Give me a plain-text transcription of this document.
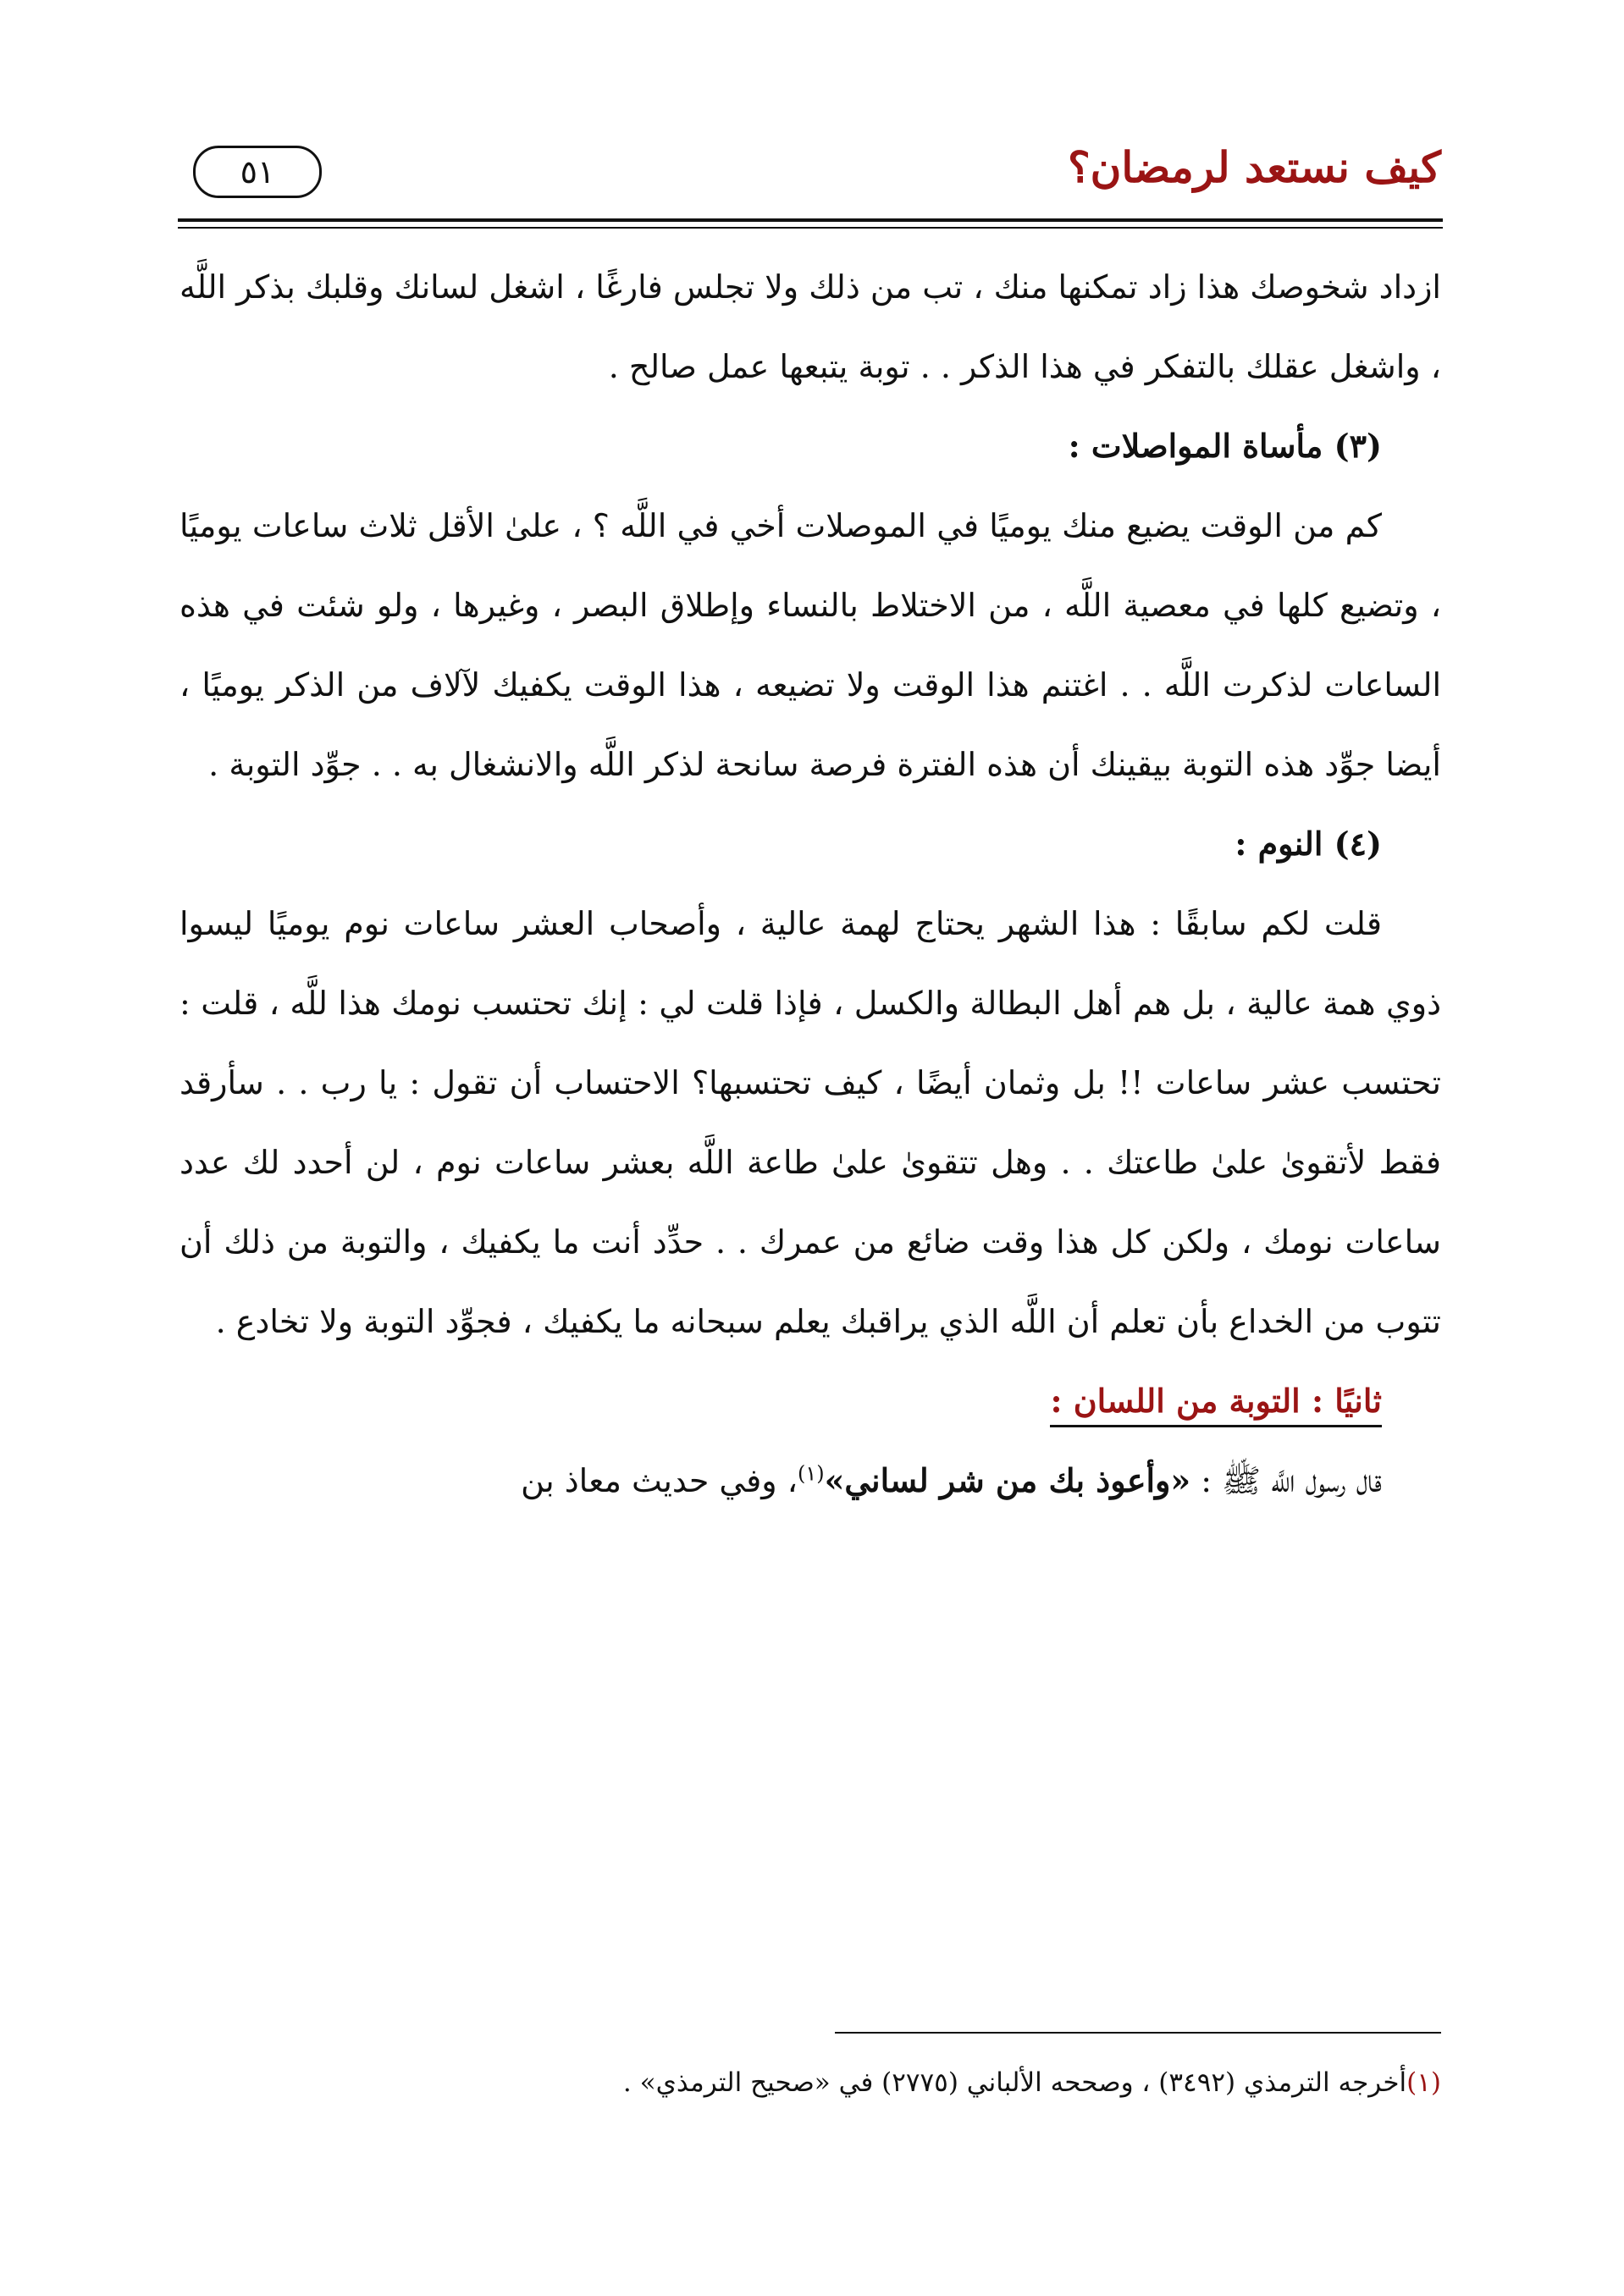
كيف نستعد لرمضان؟
٥١

ازداد شخوصك هذا زاد تمكنها منك ، تب من ذلك ولا تجلس فارغًا ، اشغل لسانك وقلبك بذكر اللَّه ، واشغل عقلك بالتفكر في هذا الذكر . . توبة يتبعها عمل صالح .

(٣) مأساة المواصلات :

كم من الوقت يضيع منك يوميًا في الموصلات أخي في اللَّه ؟ ، علىٰ الأقل ثلاث ساعات يوميًا ، وتضيع كلها في معصية اللَّه ، من الاختلاط بالنساء وإطلاق البصر ، وغيرها ، ولو شئت في هذه الساعات لذكرت اللَّه . . اغتنم هذا الوقت ولا تضيعه ، هذا الوقت يكفيك لآلاف من الذكر يوميًا ، أيضا جوِّد هذه التوبة بيقينك أن هذه الفترة فرصة سانحة لذكر اللَّه والانشغال به . . جوِّد التوبة .

(٤) النوم :

قلت لكم سابقًا : هذا الشهر يحتاج لهمة عالية ، وأصحاب العشر ساعات نوم يوميًا ليسوا ذوي همة عالية ، بل هم أهل البطالة والكسل ، فإذا قلت لي : إنك تحتسب نومك هذا للَّه ، قلت : تحتسب عشر ساعات !! بل وثمان أيضًا ، كيف تحتسبها؟ الاحتساب أن تقول : يا رب . . سأرقد فقط لأتقوىٰ علىٰ طاعتك . . وهل تتقوىٰ علىٰ طاعة اللَّه بعشر ساعات نوم ، لن أحدد لك عدد ساعات نومك ، ولكن كل هذا وقت ضائع من عمرك . . حدِّد أنت ما يكفيك ، والتوبة من ذلك أن تتوب من الخداع بأن تعلم أن اللَّه الذي يراقبك يعلم سبحانه ما يكفيك ، فجوِّد التوبة ولا تخادع .

ثانيًا : التوبة من اللسان :

قال رسول اللَّه ﷺ : «وأعوذ بك من شر لساني»$^{(١)}$، وفي حديث معاذ بن

(١)أخرجه الترمذي (٣٤٩٢) ، وصححه الألباني (٢٧٧٥) في «صحيح الترمذي» .
